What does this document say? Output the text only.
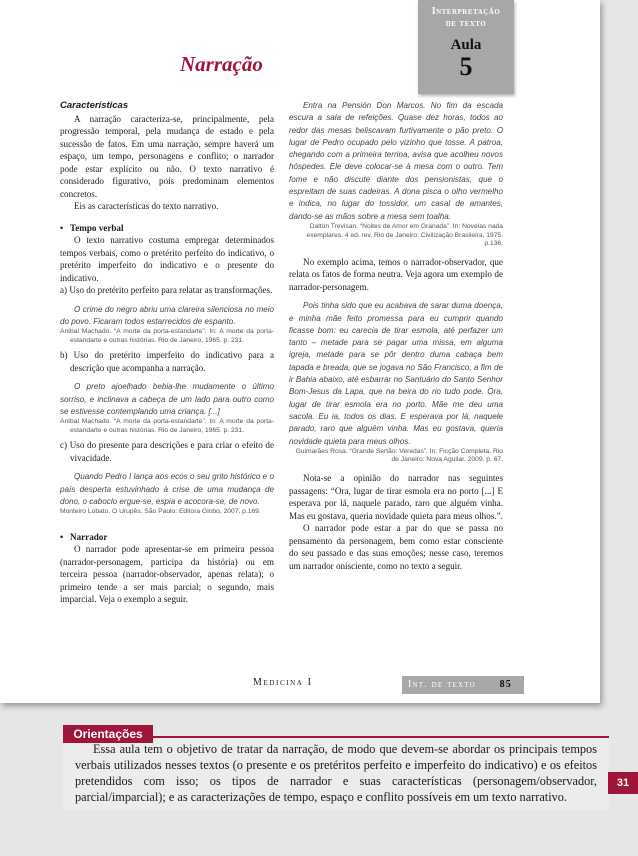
Interpretação
de texto
Aula
5
Narração

Características

A narração caracteriza-se, principalmente, pela progressão temporal, pela mudança de estado e pela sucessão de fatos. Em uma narração, sempre haverá um espaço, um tempo, personagens e conflito; o narrador pode estar explícito ou não. O texto narrativo é considerado figurativo, pois predominam elementos concretos.

Eis as características do texto narrativo.

•   Tempo verbal

O texto narrativo costuma empregar determinados tempos verbais, como o pretérito perfeito do indicativo, o pretérito imperfeito do indicativo e o presente do indicativo.

a) Uso do pretérito perfeito para relatar as transformações.

O crime do negro abriu uma clareira silenciosa no meio do povo. Ficaram todos estarrecidos de espanto.

Aníbal Machado. “A morte da porta-estandarte”. In: A morte da porta-estandarte e outras histórias. Rio de Janeiro, 1965. p. 231.

b) Uso do pretérito imperfeito do indicativo para a descrição que acompanha a narração.

O preto ajoelhado bebia-lhe mudamente o último sorriso, e inclinava a cabeça de um lado para outro como se estivesse contemplando uma criança. [...]

Aníbal Machado. “A morte da porta-estandarte”. In: A morte da porta-estandarte e outras histórias. Rio de Janeiro, 1965. p. 231.

c) Uso do presente para descrições e para criar o efeito de vivacidade.

Quando Pedro I lança aos ecos o seu grito histórico e o país desperta estuvinhado à crise de uma mudança de dono, o caboclo ergue-se, espia e acocora-se, de novo.

Monteiro Lobato. O Urupês. São Paulo: Editora Globo, 2007. p.169.

•   Narrador

O narrador pode apresentar-se em primeira pessoa (narrador-personagem, participa da história) ou em terceira pessoa (narrador-observador, apenas relata); o primeiro tende a ser mais parcial; o segundo, mais imparcial. Veja o exemplo a seguir.

Entra na Pensión Don Marcos. No fim da escada escura a sala de refeições. Quase dez horas, todos ao redor das mesas beliscavam furtivamente o pão preto. O lugar de Pedro ocupado pelo vizinho que tosse. A patroa, chegando com a primeira terrina, avisa que acolheu novos hóspedes. Ele deve colocar-se à mesa com o outro. Tem fome e não discute diante dos pensionistas, que o espreitam de suas cadeiras. A dona pisca o olho vermelho e indica, no lugar do tossidor, um casal de amantes, dando-se as mãos sobre a mesa sem toalha.

Dalton Trevisan. “Noites de Amor em Granada”. In: Novelas nada exemplares. 4 ed. rev. Rio de Janeiro: Civilização Brasileira, 1975. p.136.

No exemplo acima, temos o narrador-observador, que relata os fatos de forma neutra. Veja agora um exemplo de narrador-personagem.

Pois tinha sido que eu acabava de sarar duma doença, e minha mãe feito promessa para eu cumprir quando ficasse bom: eu carecia de tirar esmola, até perfazer um tanto – metade para se pagar uma missa, em alguma igreja, metade para se pôr dentro duma cabaça bem tapada e breada, que se jogava no São Francisco, a fim de ir Bahia abaixo, até esbarrar no Santuário do Santo Senhor Bom-Jesus da Lapa, que na beira do rio tudo pode. Ora, lugar de tirar esmola era no porto. Mãe me deu uma sacola. Eu ia, todos os dias. E esperava por lá, naquele parado, raro que alguém vinha. Mas eu gostava, queria novidade quieta para meus olhos.

Guimarães Rosa. “Grande Sertão: Veredas”. In: Ficção Completa. Rio de Janeiro: Nova Aguilar, 2009. p. 67.

Nota-se a opinião do narrador nas seguintes passagens: “Ora, lugar de tirar esmola era no porto [...] E esperava por lá, naquele parado, raro que alguém vinha. Mas eu gostava, queria novidade quieta para meus olhos.”.

O narrador pode estar a par do que se passa no pensamento da personagem, bem como estar consciente do seu passado e das suas emoções; nesse caso, teremos um narrador onisciente, como no texto a seguir.

Medicina I	Int. de texto 85
Orientações

Essa aula tem o objetivo de tratar da narração, de modo que devem-se abordar os principais tempos verbais utilizados nesses textos (o presente e os pretéritos perfeito e imperfeito do indicativo) e os efeitos pretendidos com isso; os tipos de narrador e suas características (personagem/observador, parcial/imparcial); e as caracterizações de tempo, espaço e conflito possíveis em um texto narrativo.

31
